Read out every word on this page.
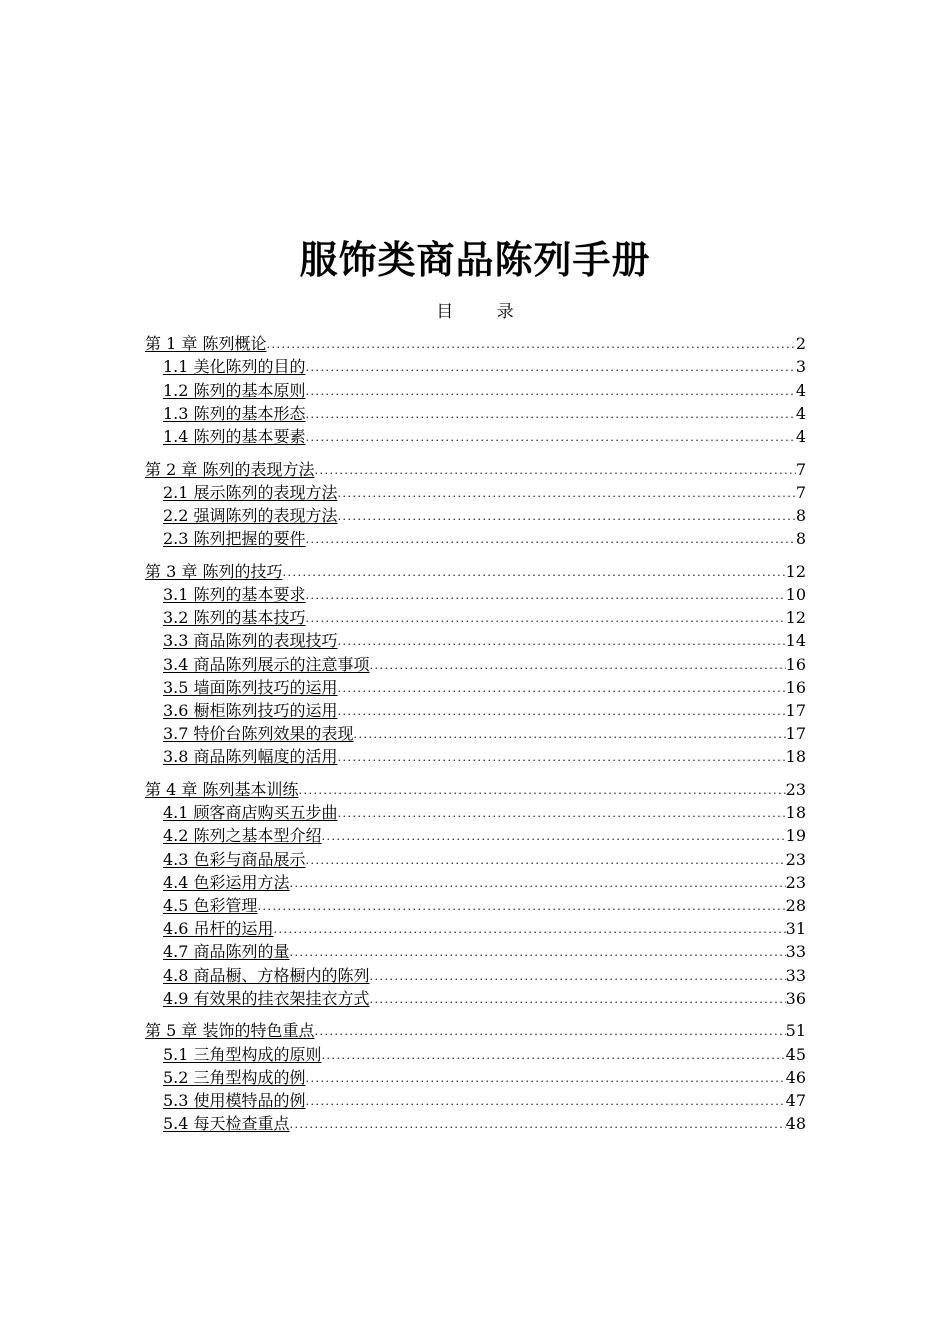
服饰类商品陈列手册
目 录
第 1 章 陈列概论 .....	2
1.1 美化陈列的目的 .....	3
1.2 陈列的基本原则 .....	4
1.3 陈列的基本形态 .....	4
1.4 陈列的基本要素 .....	4
第 2 章 陈列的表现方法 .....	7
2.1 展示陈列的表现方法 .....	7
2.2 强调陈列的表现方法 .....	8
2.3 陈列把握的要件 .....	8
第 3 章 陈列的技巧 .....	12
3.1 陈列的基本要求 .....	10
3.2 陈列的基本技巧 .....	12
3.3 商品陈列的表现技巧 .....	14
3.4 商品陈列展示的注意事项 .....	16
3.5 墙面陈列技巧的运用 .....	16
3.6 橱柜陈列技巧的运用 .....	17
3.7 特价台陈列效果的表现 .....	17
3.8 商品陈列幅度的活用 .....	18
第 4 章 陈列基本训练 .....	23
4.1 顾客商店购买五步曲 .....	18
4.2 陈列之基本型介绍 .....	19
4.3 色彩与商品展示 .....	23
4.4 色彩运用方法 .....	23
4.5 色彩管理 .....	28
4.6 吊杆的运用 .....	31
4.7 商品陈列的量 .....	33
4.8 商品橱、方格橱内的陈列 .....	33
4.9 有效果的挂衣架挂衣方式 .....	36
第 5 章 装饰的特色重点 .....	51
5.1 三角型构成的原则 .....	45
5.2 三角型构成的例 .....	46
5.3 使用模特品的例 .....	47
5.4 每天检查重点 .....	48
